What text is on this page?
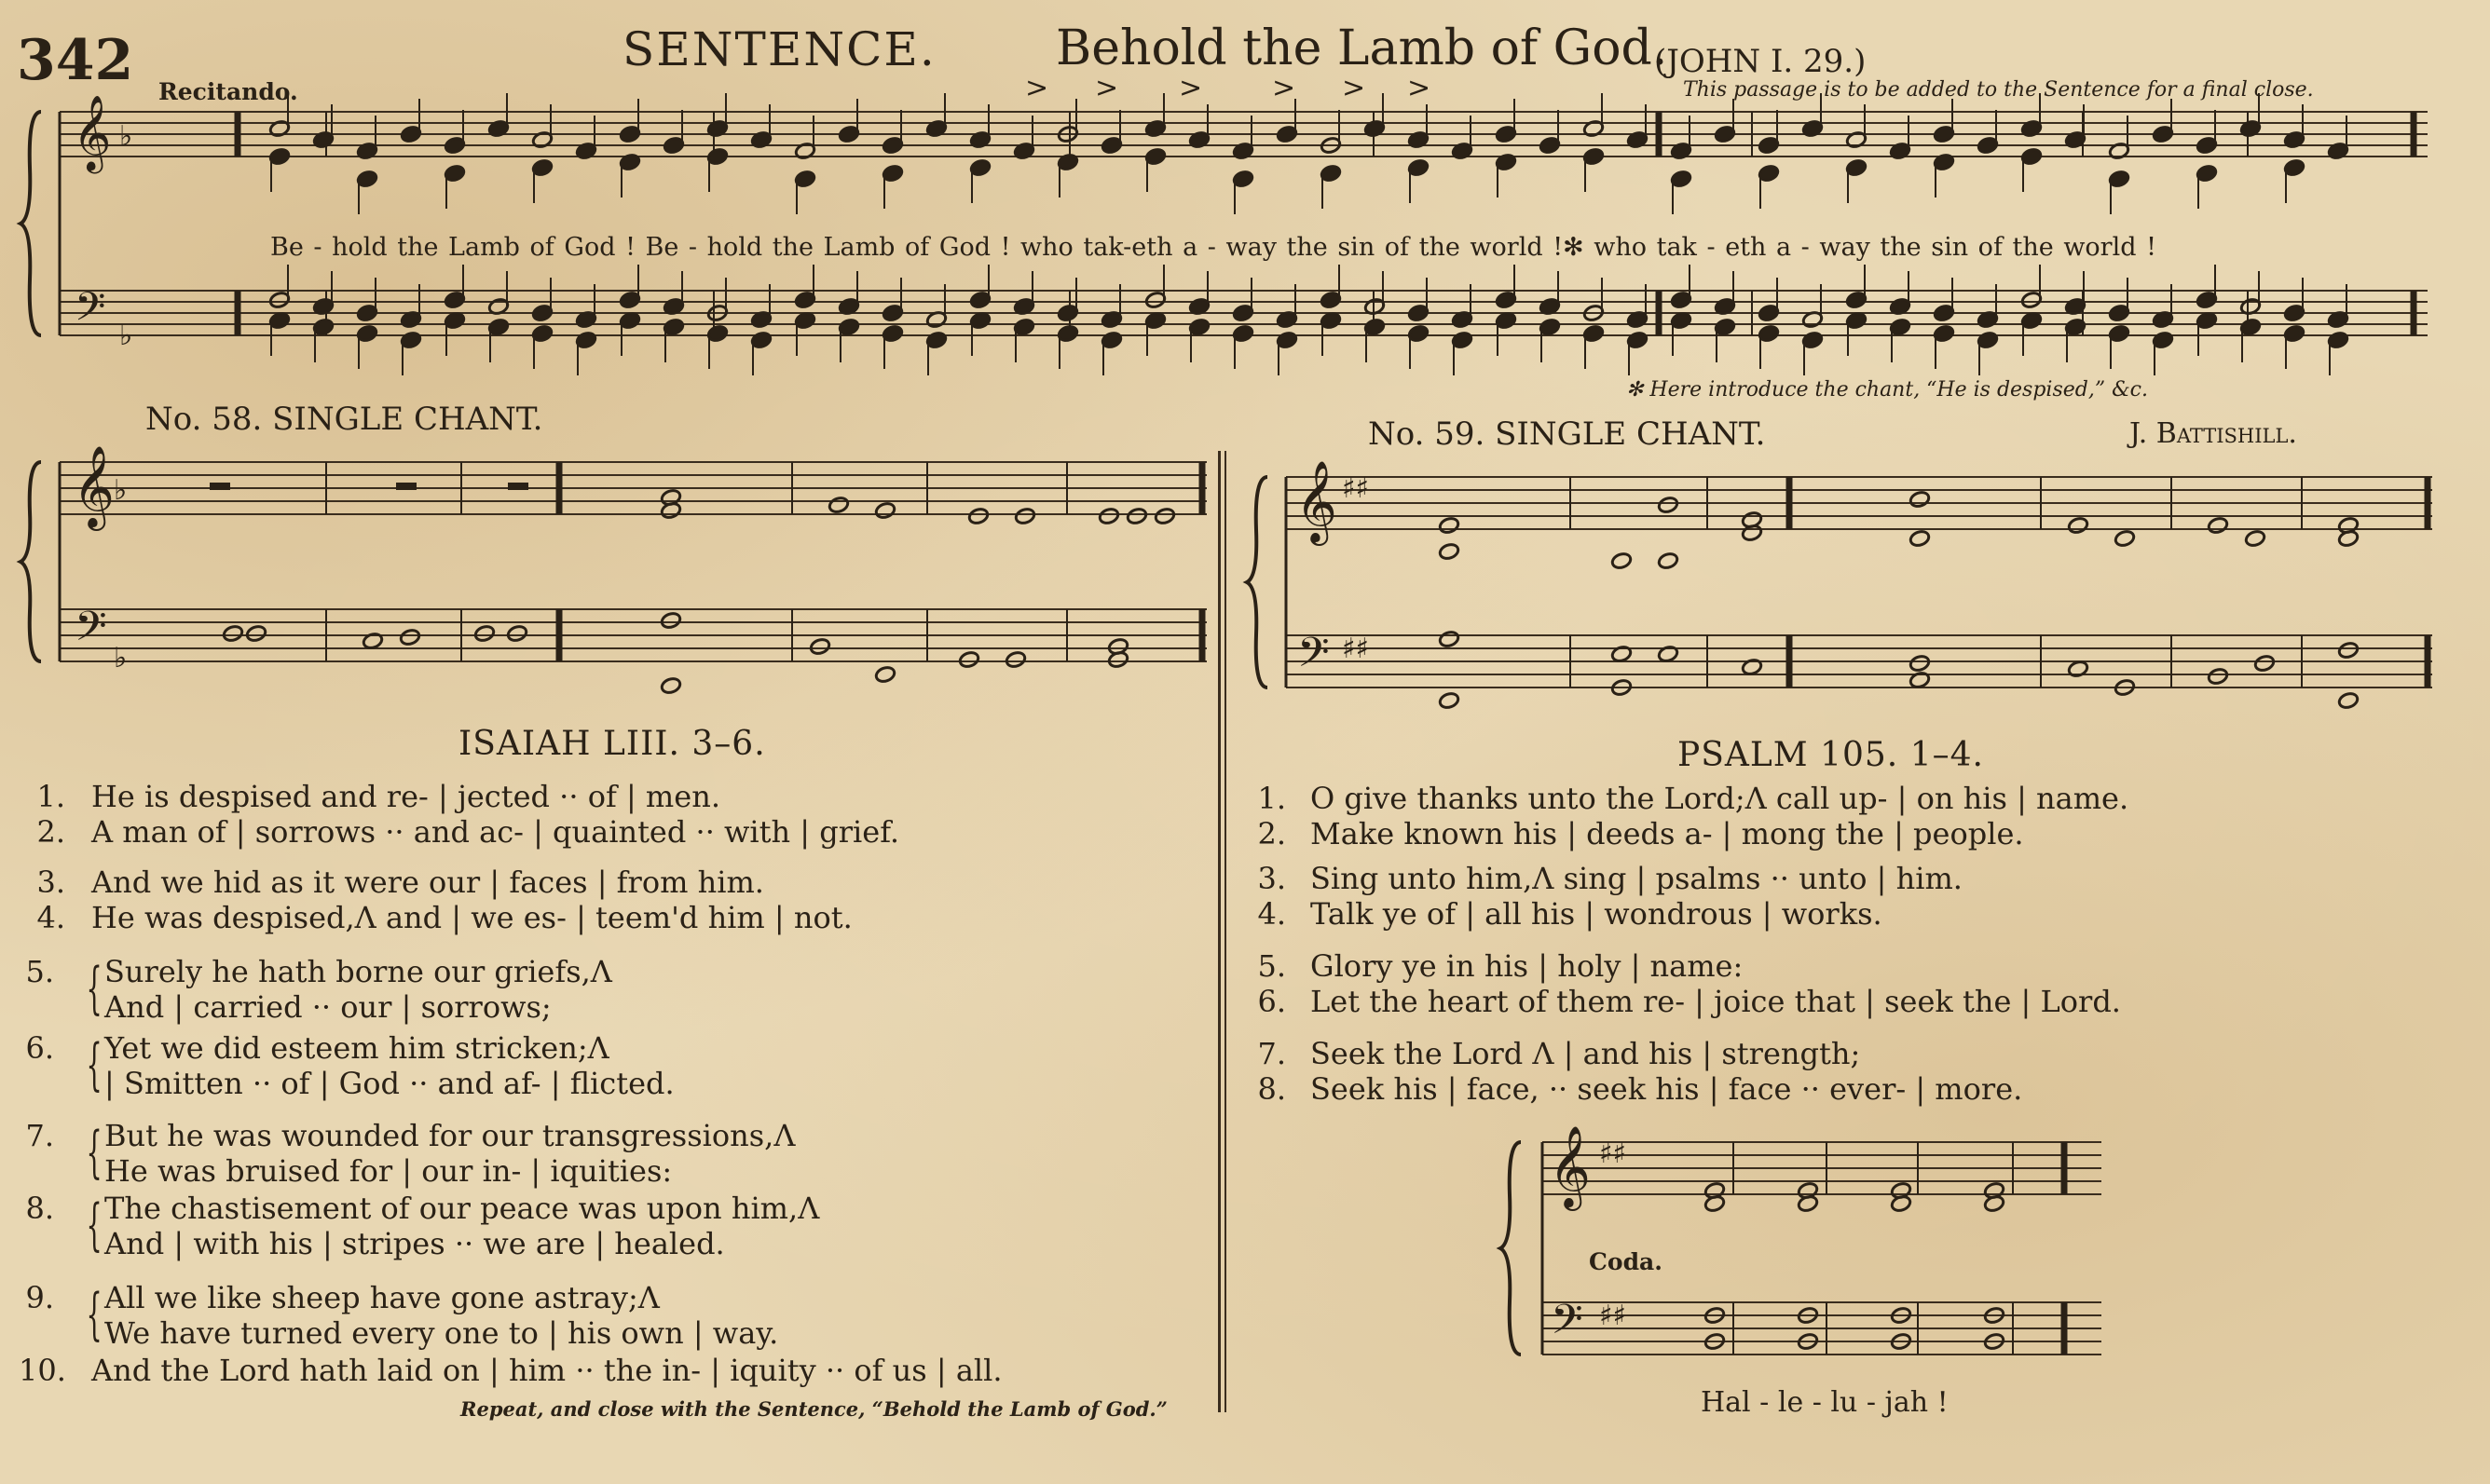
342	SENTENCE. Behold the Lamb of God.
(JOHN I. 29.)
Recitando.	This passage is to be added to the Sentence for a final close.
Be - hold the Lamb of God ! Be - hold the Lamb of God ! who tak-eth a - way the sin of the world !✻ who tak - eth a - way the sin of the world !
✻ Here introduce the chant, “He is despised,” &c.
𝄞
𝄢
♭
♭
> > > > > >
𝄞
𝄢
♭
♭
𝄞
𝄢
♯♯
♯♯
𝄞
𝄢
♯♯
♯♯
No. 58. SINGLE CHANT.
ISAIAH LIII. 3–6.
1. He is despised and re- | jected ·· of | men.
2. A man of | sorrows ·· and ac- | quainted ·· with | grief.
3. And we hid as it were our | faces | from him.
4. He was despised,Λ and | we es- | teem'd him | not.
5. Surely he hath borne our griefs,Λ
And | carried ·· our | sorrows;
6. Yet we did esteem him stricken;Λ
| Smitten ·· of | God ·· and af- | flicted.
7. But he was wounded for our transgressions,Λ
He was bruised for | our in- | iquities:
8. The chastisement of our peace was upon him,Λ
And | with his | stripes ·· we are | healed.
9. All we like sheep have gone astray;Λ
We have turned every one to | his own | way.
10. And the Lord hath laid on | him ·· the in- | iquity ·· of us | all.
{
{
{
{
{
Repeat, and close with the Sentence, “Behold the Lamb of God.”
No. 59. SINGLE CHANT.	J. Battishill.
PSALM 105. 1–4.
1. O give thanks unto the Lord;Λ call up- | on his | name.
2. Make known his | deeds a- | mong the | people.
3. Sing unto him,Λ sing | psalms ·· unto | him.
4. Talk ye of | all his | wondrous | works.
5. Glory ye in his | holy | name:
6. Let the heart of them re- | joice that | seek the | Lord.
7. Seek the Lord Λ | and his | strength;
8. Seek his | face, ·· seek his | face ·· ever- | more.
Coda.
Hal - le - lu - jah !
